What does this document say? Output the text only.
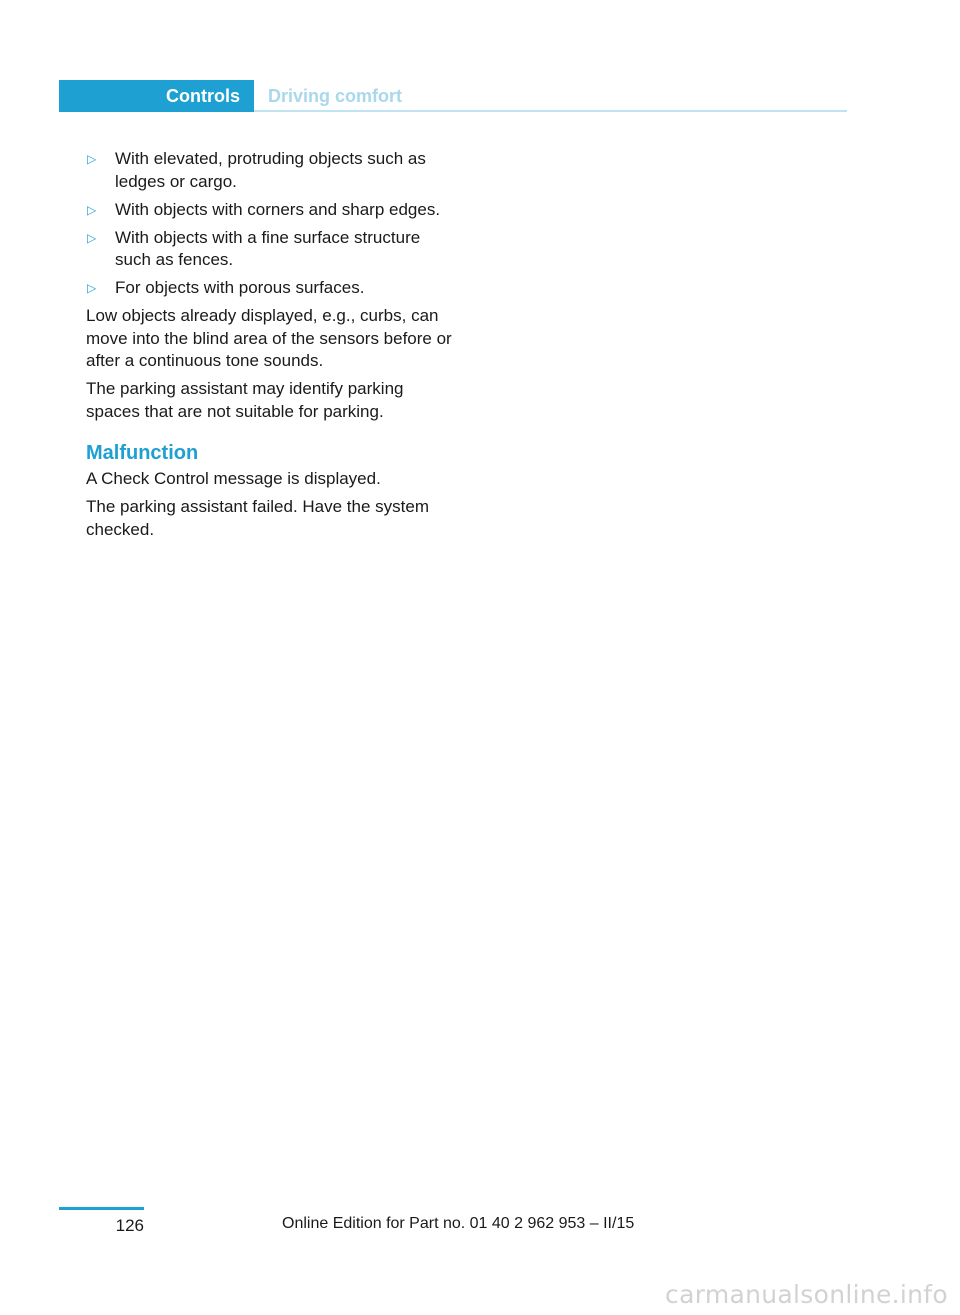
Controls	Driving comfort
▷ With elevated, protruding objects such as ledges or cargo.
▷ With objects with corners and sharp edges.
▷ With objects with a fine surface structure such as fences.
▷ For objects with porous surfaces.

Low objects already displayed, e.g., curbs, can move into the blind area of the sensors before or after a continuous tone sounds.

The parking assistant may identify parking spaces that are not suitable for parking.

Malfunction

A Check Control message is displayed.

The parking assistant failed. Have the system checked.

126	Online Edition for Part no. 01 40 2 962 953 – II/15
carmanualsonline.info
